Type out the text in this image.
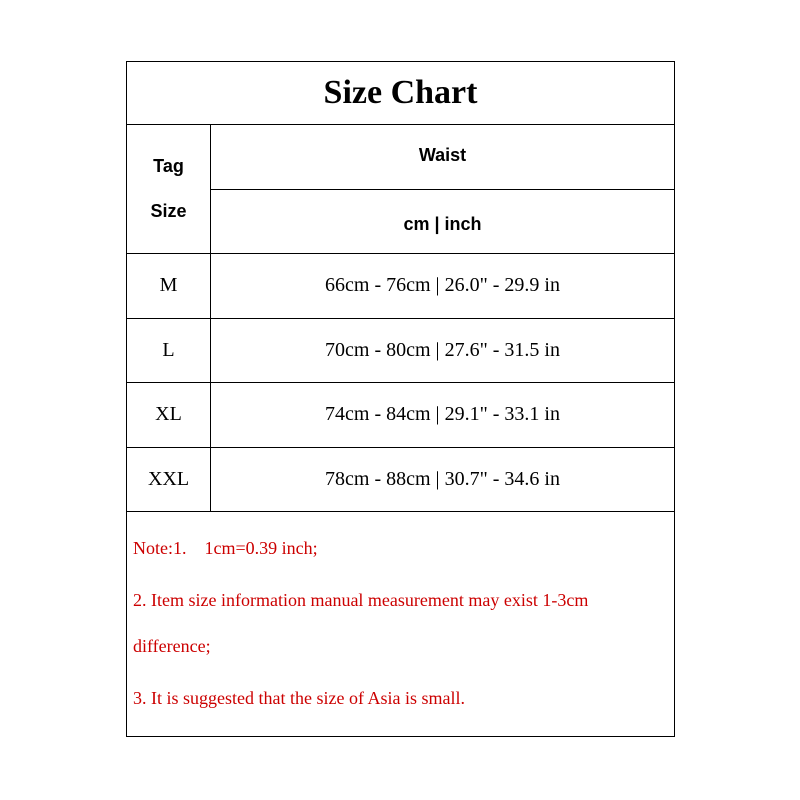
Size Chart
Tag
Size
Waist
cm | inch
M	66cm - 76cm | 26.0" - 29.9 in
L	70cm - 80cm | 27.6" - 31.5 in
XL	74cm - 84cm | 29.1" - 33.1 in
XXL	78cm - 88cm | 30.7" - 34.6 in
Note:1.    1cm=0.39 inch;
2. Item size information manual measurement may exist 1-3cm
difference;
3. It is suggested that the size of Asia is small.
